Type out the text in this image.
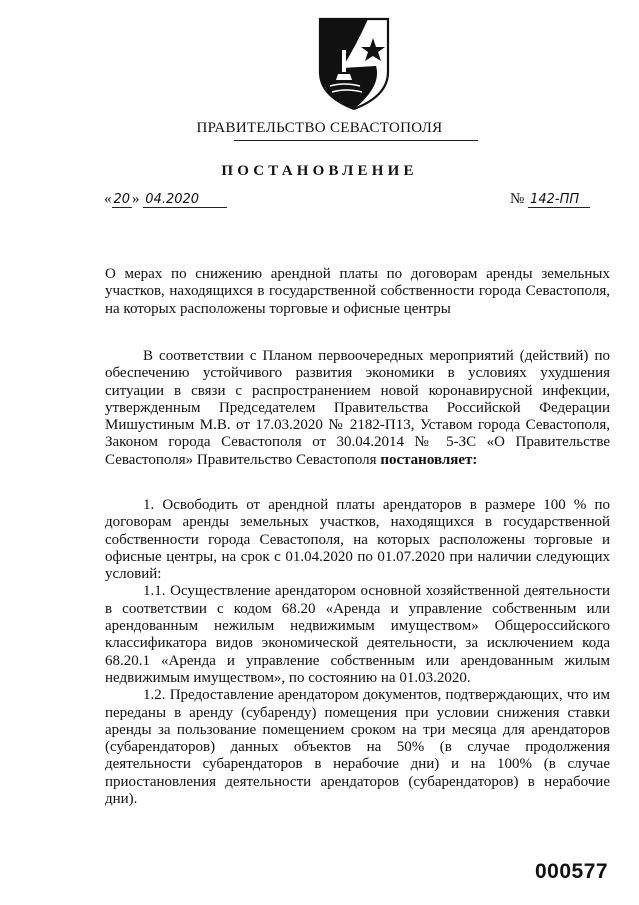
ПРАВИТЕЛЬСТВО СЕВАСТОПОЛЯ
ПОСТАНОВЛЕНИЕ
« 20 » 04.2020	№ 142-ПП

О мерах по снижению арендной платы по договорам аренды земельных участков, находящихся в государственной собственности города Севастополя, на которых расположены торговые и офисные центры

В соответствии с Планом первоочередных мероприятий (действий) по обеспечению устойчивого развития экономики в условиях ухудшения ситуации в связи с распространением новой коронавирусной инфекции, утвержденным Председателем Правительства Российской Федерации Мишустиным М.В. от 17.03.2020 № 2182-П13, Уставом города Севастополя, Законом города Севастополя от 30.04.2014 № 5-ЗС «О Правительстве Севастополя» Правительство Севастополя постановляет:

1. Освободить от арендной платы арендаторов в размере 100 % по договорам аренды земельных участков, находящихся в государственной собственности города Севастополя, на которых расположены торговые и офисные центры, на срок с 01.04.2020 по 01.07.2020 при наличии следующих условий:

1.1. Осуществление арендатором основной хозяйственной деятельности в соответствии с кодом 68.20 «Аренда и управление собственным или арендованным нежилым недвижимым имуществом» Общероссийского классификатора видов экономической деятельности, за исключением кода 68.20.1 «Аренда и управление собственным или арендованным жилым недвижимым имуществом», по состоянию на 01.03.2020.

1.2. Предоставление арендатором документов, подтверждающих, что им переданы в аренду (субаренду) помещения при условии снижения ставки аренды за пользование помещением сроком на три месяца для арендаторов (субарендаторов) данных объектов на 50% (в случае продолжения деятельности субарендаторов в нерабочие дни) и на 100% (в случае приостановления деятельности арендаторов (субарендаторов) в нерабочие дни).

000577
